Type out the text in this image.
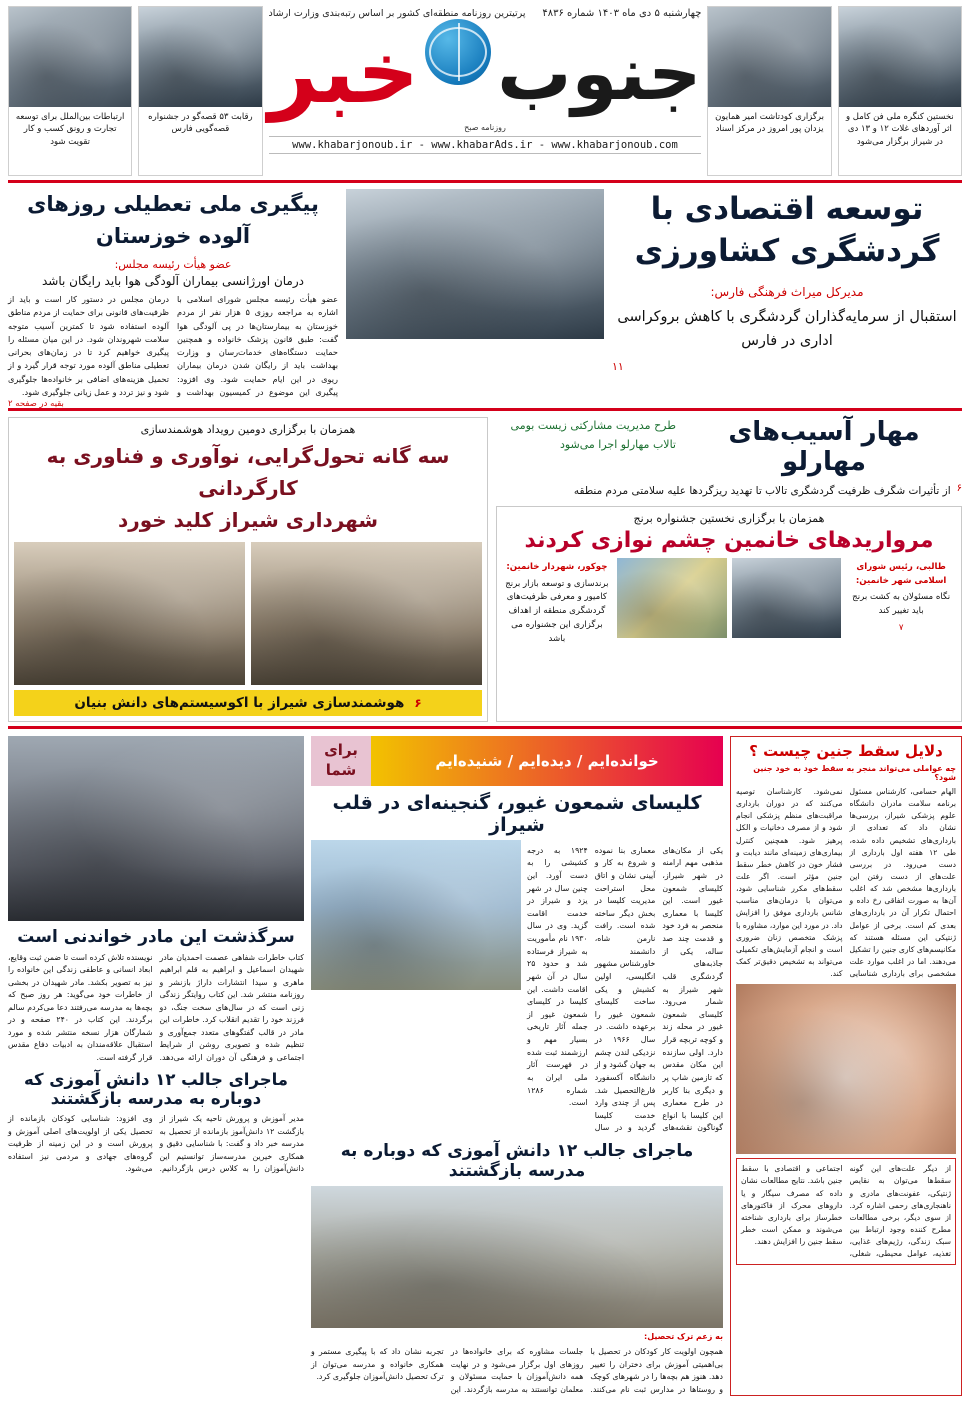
نخستین کنگره ملی فن کامل و اثر آوردهای غلات ۱۲ و ۱۳ دی در شیراز برگزار می‌شود
برگزاری کودتاشت امیر همایون یزدان پور امروز در مرکز اسناد
چهارشنبه ۵ دی ماه ۱۴۰۳ شماره ۴۸۳۶
پرتیترین روزنامه منطقه‌ای کشور بر اساس رتبه‌بندی وزارت ارشاد
جنوب
خبر
روزنامه صبح
www.khabarjonoub.ir - www.khabarAds.ir - www.khabarjonoub.com
رقابت ۵۳ قصه‌گو در جشنواره قصه‌گویی فارس
ارتباطات بین‌الملل برای توسعه تجارت و رونق کسب و کار تقویت شود
توسعه اقتصادی با گردشگری کشاورزی
مدیرکل میراث فرهنگی فارس:
استقبال از سرمایه‌گذاران گردشگری با کاهش بروکراسی اداری در فارس
۱۱
پیگیری ملی تعطیلی روزهای آلوده خوزستان
عضو هیأت رئیسه مجلس:
درمان اورژانسی بیماران آلودگی هوا باید رایگان باشد
عضو هیأت رئیسه مجلس شورای اسلامی با اشاره به مراجعه روزی ۵ هزار نفر از مردم خوزستان به بیمارستان‌ها در پی آلودگی هوا گفت: طبق قانون پزشک خانواده و همچنین حمایت دستگاه‌های خدمات‌رسان و وزارت بهداشت باید از رایگان شدن درمان بیماران ریوی در این ایام حمایت شود. وی افزود: پیگیری این موضوع در کمیسیون بهداشت و درمان مجلس در دستور کار است و باید از ظرفیت‌های قانونی برای حمایت از مردم مناطق آلوده استفاده شود تا کمترین آسیب متوجه سلامت شهروندان شود. در این میان مسئله را پیگیری خواهیم کرد تا در زمان‌های بحرانی تعطیلی مناطق آلوده مورد توجه قرار گیرد و از تحمیل هزینه‌های اضافی بر خانواده‌ها جلوگیری شود و نیز تردد و عمل زیانی جلوگیری شود.
بقیه در صفحه ۲
مهار آسیب‌های مهارلو
طرح مدیریت مشارکتی زیست بومی
تالاب مهارلو اجرا می‌شود
۶
از تأثیرات شگرف ظرفیت گردشگری تالاب تا تهدید ریزگرد‌ها علیه سلامتی مردم منطقه
همزمان با برگزاری نخستین جشنواره برنج
مرواریدهای خانمین چشم نوازی کردند
طالبی، رئیس شورای اسلامی شهر خانمین:
نگاه مسئولان به کشت برنج باید تغییر کند
۷
چوکور، شهردار خانمین:
برندسازی و توسعه بازار برنج کامیور و معرفی ظرفیت‌های گردشگری منطقه از اهداف برگزاری این جشنواره می باشد
همزمان با برگزاری دومین رویداد هوشمندسازی
سه گانه تحول‌گرایی، نوآوری و فناوری به کارگردانی
شهرداری شیراز کلید خورد
۶
هوشمندسازی شیراز با اکوسیستم‌های دانش بنیان
دلایل سقط جنین چیست ؟
چه عواملی می‌تواند منجر به سقط خود به خود جنین شود؟
الهام حسامی، کارشناس مسئول برنامه سلامت مادران دانشگاه علوم پزشکی شیراز، بررسی‌ها نشان داد که تعدادی از بارداری‌های تشخیص داده شده، طی ۱۲ هفته اول بارداری از دست می‌رود. در بررسی علت‌های از دست رفتن این بارداری‌ها مشخص شد که اغلب آن‌ها به صورت اتفاقی رخ داده و احتمال تکرار آن در بارداری‌های بعدی کم است. برخی از عوامل ژنتیکی این مسئله هستند که مکانیسم‌های کاری جنین را تشکیل می‌دهند. اما در اغلب موارد علت مشخصی برای بارداری شناسایی نمی‌شود. کارشناسان توصیه می‌کنند که در دوران بارداری مراقبت‌های منظم پزشکی انجام شود و از مصرف دخانیات و الکل پرهیز شود. همچنین کنترل بیماری‌های زمینه‌ای مانند دیابت و فشار خون در کاهش خطر سقط جنین مؤثر است. اگر علت سقط‌های مکرر شناسایی شود، می‌توان با درمان‌های مناسب شانس بارداری موفق را افزایش داد. در مورد این موارد، مشاوره با پزشک متخصص زنان ضروری است و انجام آزمایش‌های تکمیلی می‌تواند به تشخیص دقیق‌تر کمک کند.
از دیگر علت‌های این گونه سقط‌ها می‌توان به نقایص ژنتیکی، عفونت‌های مادری و ناهنجاری‌های رحمی اشاره کرد. از سوی دیگر، برخی مطالعات مطرح کننده وجود ارتباط بین سبک زندگی، رژیم‌های غذایی، تغذیه، عوامل محیطی، شغلی، اجتماعی و اقتصادی با سقط جنین باشد. نتایج مطالعات نشان داده که مصرف سیگار و یا دارو‌های محرک از فاکتورهای خطر‌ساز برای بارداری شناخته می‌شوند و ممکن است خطر سقط جنین را افزایش دهند.
خوانده‌ایم / دیده‌ایم / شنیده‌ایم
برای شما
کلیسای شمعون غیور، گنجینه‌ای در قلب شیراز
یکی از مکان‌های مذهبی مهم ارامنه در شهر شیراز، کلیسای شمعون غیور است. این کلیسا با معماری منحصر به فرد خود و قدمت چند صد ساله، یکی از جاذبه‌های گردشگری قلب شهر شیراز به شمار می‌رود. کلیسای شمعون غیور در محله زند و کوچه تربچه قرار دارد. اولی سازنده این مکان مقدس که تازمین شاپ پر و دیگری بنا کاربر در طرح معماری این کلیسا با انواع گوناگون نقشه‌های معماری بنا نموده و شروع به کار و آیینی نشان و اتاق محل استراحت مدیریت کلیسا در بخش دیگر ساخته شده است. رافت نارمن شاه، دانشمند خاورشناس مشهور انگلیسی، اولین کشیش و یکی ساخت کلیسای شمعون غیور را برعهده داشت. در سال ۱۹۶۶ در نزدیکی لندن چشم به جهان گشود و از دانشگاه آکسفورد فارغ‌التحصیل شد. پس از چندی وارد خدمت کلیسا گردید و در سال ۱۹۲۴ به درجه کشیشی را به دست آورد. این چنین سال در شهر یزد و شیراز در خدمت اقامت گزید. وی در سال ۱۹۳۰ نام مأموریت به شیراز فرستاده شد و حدود ۲۵ سال در آن شهر اقامت داشت. این کلیسا در کلیسای شمعون غیور از جمله آثار تاریخی بسیار مهم و ارزشمند ثبت شده در فهرست آثار ملی ایران به شماره ۱۲۸۶ است.
ماجرای جالب ۱۲ دانش آموزی که دوباره به مدرسه بازگشتند
به زعم ترک تحصیل:
همچون اولویت کار کودکان در تحصیل با بی‌اهمیتی آموزش برای دختران را تغییر دهد. هنوز هم بچه‌ها را در شهرهای کوچک و روستاها در مدارس ثبت نام می‌کنند. جلسات مشاوره که برای خانواده‌ها در روزهای اول برگزار می‌شود و در نهایت همه دانش‌آموزان با حمایت مسئولان و معلمان توانستند به مدرسه بازگردند. این تجربه نشان داد که با پیگیری مستمر و همکاری خانواده و مدرسه می‌توان از ترک تحصیل دانش‌آموزان جلوگیری کرد.
سرگذشت این مادر خواندنی است
کتاب خاطرات شفاهی عصمت احمدیان مادر شهیدان اسماعیل و ابراهیم به قلم ابراهیم ماهری و سیدا انتشارات داراژ بازنشر و روزنامه منتشر شد. این کتاب روایتگر زندگی زنی است که در سال‌های سخت جنگ، دو فرزند خود را تقدیم انقلاب کرد. خاطرات این مادر در قالب گفتگوهای متعدد جمع‌آوری و تنظیم شده و تصویری روشن از شرایط اجتماعی و فرهنگی آن دوران ارائه می‌دهد. نویسنده تلاش کرده است تا ضمن ثبت وقایع، ابعاد انسانی و عاطفی زندگی این خانواده را نیز به تصویر بکشد. مادر شهیدان در بخشی از خاطرات خود می‌گوید: هر روز صبح که بچه‌ها به مدرسه می‌رفتند دعا می‌کردم سالم برگردند. این کتاب در ۲۴۰ صفحه و در شمارگان هزار نسخه منتشر شده و مورد استقبال علاقه‌مندان به ادبیات دفاع مقدس قرار گرفته است.
ماجرای جالب ۱۲ دانش آموزی که دوباره به مدرسه بازگشتند
مدیر آموزش و پرورش ناحیه یک شیراز از بازگشت ۱۲ دانش‌آموز بازمانده از تحصیل به مدرسه خبر داد و گفت: با شناسایی دقیق و همکاری خیرین مدرسه‌ساز توانستیم این دانش‌آموزان را به کلاس درس بازگردانیم. وی افزود: شناسایی کودکان بازمانده از تحصیل یکی از اولویت‌های اصلی آموزش و پرورش است و در این زمینه از ظرفیت گروه‌های جهادی و مردمی نیز استفاده می‌شود.
